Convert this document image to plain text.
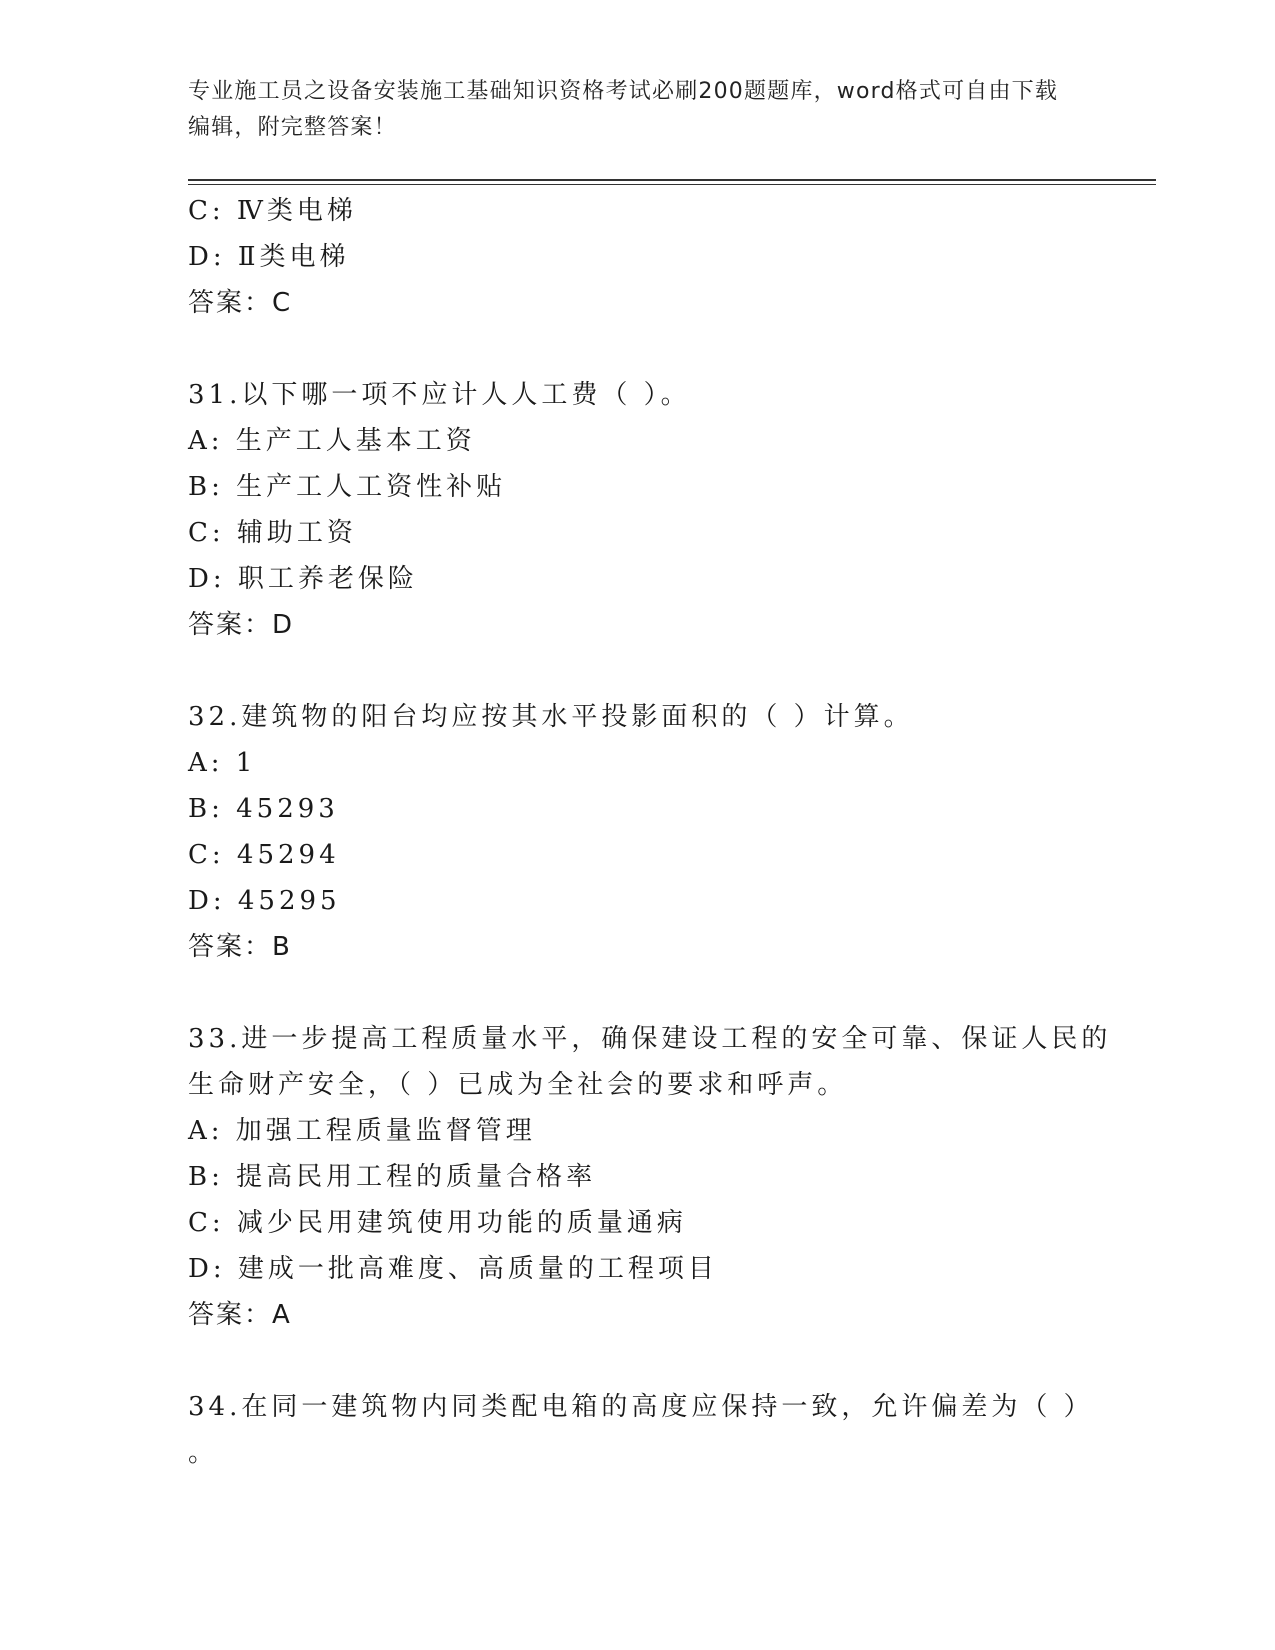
专业施工员之设备安装施工基础知识资格考试必刷200题题库，word格式可自由下载编辑，附完整答案！
C: Ⅳ类电梯
D: Ⅱ类电梯
答案：C
31.以下哪一项不应计人人工费（ ）。
A: 生产工人基本工资
B: 生产工人工资性补贴
C: 辅助工资
D: 职工养老保险
答案：D
32.建筑物的阳台均应按其水平投影面积的（ ）计算。
A: 1
B: 45293
C: 45294
D: 45295
答案：B
33.进一步提高工程质量水平，确保建设工程的安全可靠、保证人民的
生命财产安全，（ ）已成为全社会的要求和呼声。
A: 加强工程质量监督管理
B: 提高民用工程的质量合格率
C: 减少民用建筑使用功能的质量通病
D: 建成一批高难度、高质量的工程项目
答案：A
34.在同一建筑物内同类配电箱的高度应保持一致，允许偏差为（ ）
。
